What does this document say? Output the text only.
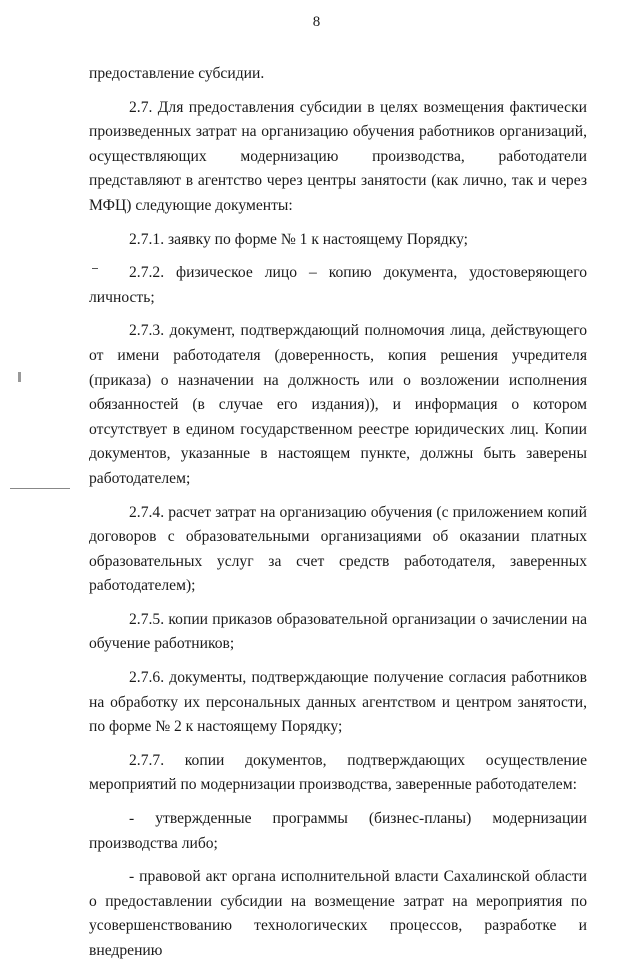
8

предоставление субсидии.

2.7. Для предоставления субсидии в целях возмещения фактически произведенных затрат на организацию обучения работников организаций, осуществляющих модернизацию производства, работодатели представляют в агентство через центры занятости (как лично, так и через МФЦ) следующие документы:

2.7.1. заявку по форме № 1 к настоящему Порядку;

2.7.2. физическое лицо – копию документа, удостоверяющего личность;

2.7.3. документ, подтверждающий полномочия лица, действующего от имени работодателя (доверенность, копия решения учредителя (приказа) о назначении на должность или о возложении исполнения обязанностей (в случае его издания)), и информация о котором отсутствует в едином государственном реестре юридических лиц. Копии документов, указанные в настоящем пункте, должны быть заверены работодателем;

2.7.4. расчет затрат на организацию обучения (с приложением копий договоров с образовательными организациями об оказании платных образовательных услуг за счет средств работодателя, заверенных работодателем);

2.7.5. копии приказов образовательной организации о зачислении на обучение работников;

2.7.6. документы, подтверждающие получение согласия работников на обработку их персональных данных агентством и центром занятости, по форме № 2 к настоящему Порядку;

2.7.7. копии документов, подтверждающих осуществление мероприятий по модернизации производства, заверенные работодателем:

- утвержденные программы (бизнес-планы) модернизации производства либо;

- правовой акт органа исполнительной власти Сахалинской области о предоставлении субсидии на возмещение затрат на мероприятия по усовершенствованию технологических процессов, разработке и внедрению
